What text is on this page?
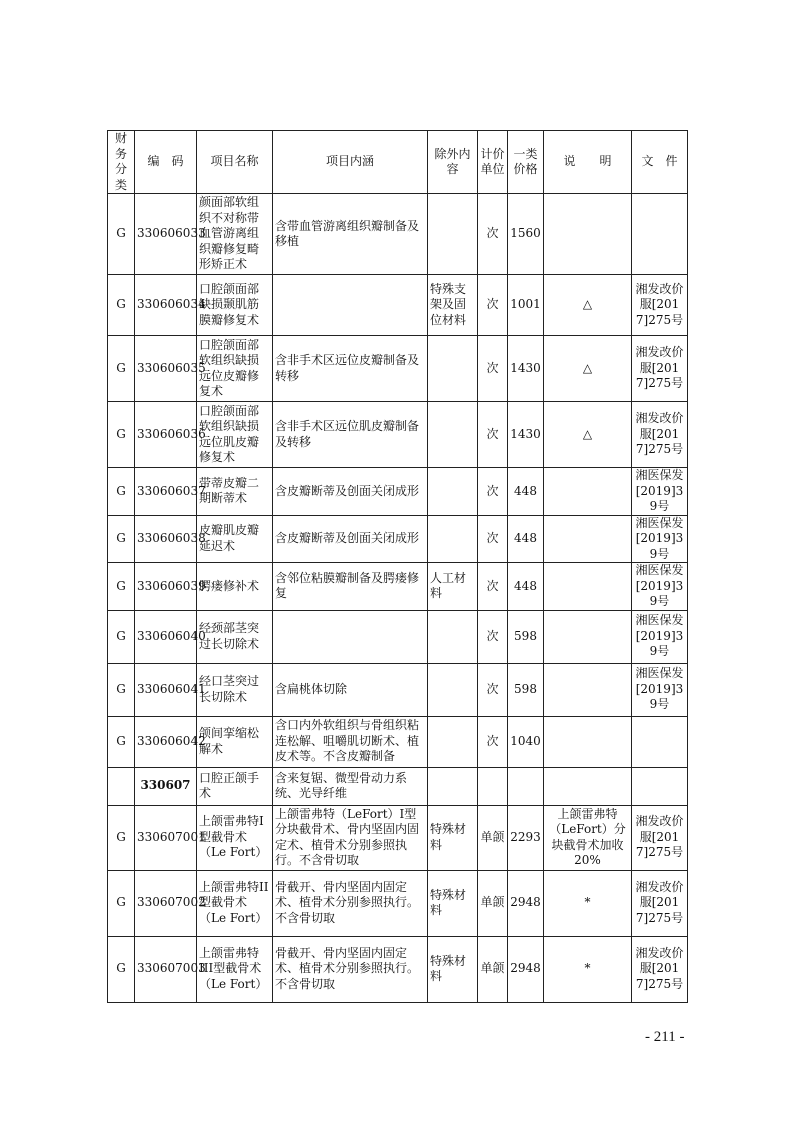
财务分类	编　码	项目名称	项目内涵	除外内容	计价单位	一类价格	说　　明	文　件
G	330606033	颜面部软组织不对称带血管游离组织瓣修复畸形矫正术	含带血管游离组织瓣制备及移植		次	1560		
G	330606034	口腔颌面部缺损颞肌筋膜瓣修复术		特殊支架及固位材料	次	1001	△	湘发改价服[2017]275号
G	330606035	口腔颌面部软组织缺损远位皮瓣修复术	含非手术区远位皮瓣制备及转移		次	1430	△	湘发改价服[2017]275号
G	330606036	口腔颌面部软组织缺损远位肌皮瓣修复术	含非手术区远位肌皮瓣制备及转移		次	1430	△	湘发改价服[2017]275号
G	330606037	带蒂皮瓣二期断蒂术	含皮瓣断蒂及创面关闭成形		次	448		湘医保发[2019]39号
G	330606038	皮瓣肌皮瓣延迟术	含皮瓣断蒂及创面关闭成形		次	448		湘医保发[2019]39号
G	330606039	腭瘘修补术	含邻位粘膜瓣制备及腭瘘修复	人工材料	次	448		湘医保发[2019]39号
G	330606040	经颈部茎突过长切除术			次	598		湘医保发[2019]39号
G	330606041	经口茎突过长切除术	含扁桃体切除		次	598		湘医保发[2019]39号
G	330606042	颌间挛缩松解术	含口内外软组织与骨组织粘连松解、咀嚼肌切断术、植皮术等。不含皮瓣制备		次	1040		
	330607	口腔正颌手术	含来复锯、微型骨动力系统、光导纤维					
G	330607001	上颌雷弗特I型截骨术（Le Fort）	上颌雷弗特（LeFort）I型分块截骨术、骨内坚固内固定术、植骨术分别参照执行。不含骨切取	特殊材料	单颌	2293	上颌雷弗特（LeFort）分块截骨术加收 20%	湘发改价服[2017]275号
G	330607002	上颌雷弗特II型截骨术（Le Fort）	骨截开、骨内坚固内固定术、植骨术分别参照执行。不含骨切取	特殊材料	单颌	2948	*	湘发改价服[2017]275号
G	330607003	上颌雷弗特III型截骨术（Le Fort）	骨截开、骨内坚固内固定术、植骨术分别参照执行。不含骨切取	特殊材料	单颌	2948	*	湘发改价服[2017]275号
- 211 -
